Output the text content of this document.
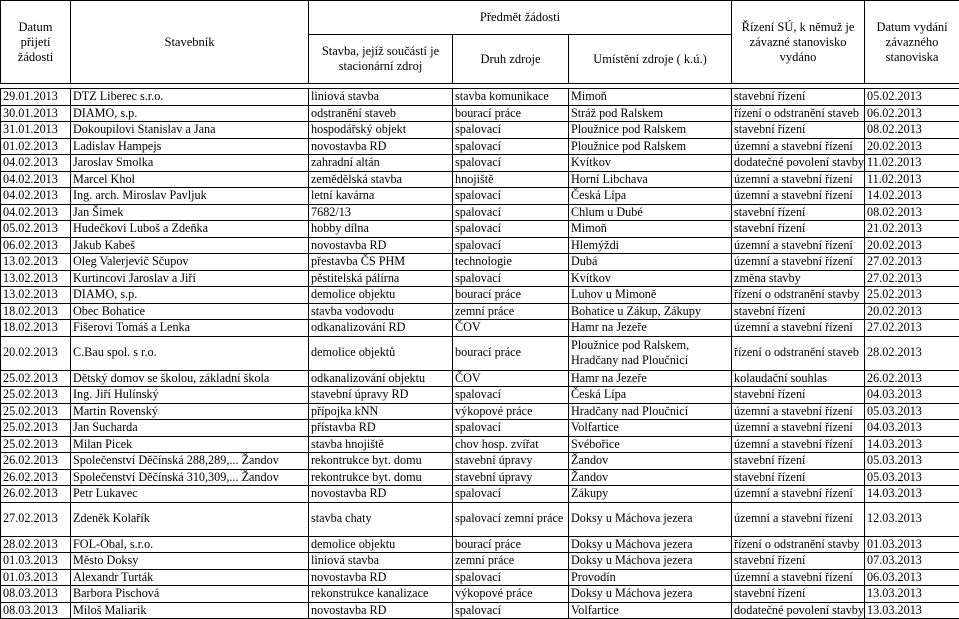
Datum přijetí žádosti	Stavebník	Předmět žádosti			Řízení SÚ, k němuž je závazné stanovisko vydáno	Datum vydání závazného stanoviska
		Stavba, jejíž součástí je stacionární zdroj	Druh zdroje	Umístění zdroje ( k.ú.)		

29.01.2013	DTZ Liberec s.r.o.	liniová stavba	stavba komunikace	Mimoň	stavební řízení	05.02.2013
30.01.2013	DIAMO, s.p.	odstranění staveb	bourací práce	Stráž pod Ralskem	řízení o odstranění staveb	06.02.2013
31.01.2013	Dokoupilovi Stanislav a Jana	hospodářský objekt	spalovací	Ploužnice pod Ralskem	stavební řízení	08.02.2013
01.02.2013	Ladislav Hampejs	novostavba RD	spalovací	Ploužnice pod Ralskem	územní a stavební řízení	20.02.2013
04.02.2013	Jaroslav Smolka	zahradní altán	spalovací	Kvítkov	dodatečné povolení stavby	11.02.2013
04.02.2013	Marcel Khol	zemědělská stavba	hnojiště	Horní Libchava	územní a stavební řízení	11.02.2013
04.02.2013	Ing. arch. Miroslav Pavljuk	letní kavárna	spalovací	Česká Lípa	územní a stavební řízení	14.02.2013
04.02.2013	Jan Šimek	7682/13	spalovací	Chlum u Dubé	stavební řízení	08.02.2013
05.02.2013	Hudečkovi Luboš a Zdeňka	hobby dílna	spalovací	Mimoň	stavební řízení	21.02.2013
06.02.2013	Jakub Kabeš	novostavba RD	spalovací	Hlemýždi	územní a stavební řízení	20.02.2013
13.02.2013	Oleg Valerjevič Sčupov	přestavba ČS PHM	technologie	Dubá	územní a stavební řízení	27.02.2013
13.02.2013	Kurtincovi Jaroslav a Jiří	pěstitelská pálírna	spalovací	Kvítkov	změna stavby	27.02.2013
13.02.2013	DIAMO, s.p.	demolice objektu	bourací práce	Luhov u Mimoně	řízení o odstranění stavby	25.02.2013
18.02.2013	Obec Bohatice	stavba vodovodu	zemní práce	Bohatice u Zákup, Zákupy	stavební řízení	20.02.2013
18.02.2013	Fišerovi Tomáš a Lenka	odkanalizování RD	ČOV	Hamr na Jezeře	územní a stavební řízení	27.02.2013
20.02.2013	C.Bau spol. s r.o.	demolice objektů	bourací práce	Ploužnice pod Ralskem, Hradčany nad Ploučnicí	řízení o odstranění staveb	28.02.2013
25.02.2013	Dětský domov se školou, základní škola	odkanalizování objektu	ČOV	Hamr na Jezeře	kolaudační souhlas	26.02.2013
25.02.2013	Ing. Jiří Hulínský	stavební úpravy RD	spalovací	Česká Lípa	stavební řízení	04.03.2013
25.02.2013	Martin Rovenský	přípojka kNN	výkopové práce	Hradčany nad Ploučnicí	územní a stavební řízení	05.03.2013
25.02.2013	Jan Sucharda	přístavba RD	spalovací	Volfartice	územní a stavební řízení	04.03.2013
25.02.2013	Milan Picek	stavba hnojiště	chov hosp. zvířat	Svébořice	územní a stavební řízení	14.03.2013
26.02.2013	Společenství Děčínská 288,289,... Žandov	rekontrukce byt. domu	stavební úpravy	Žandov	stavební řízení	05.03.2013
26.02.2013	Společenství Děčínská 310,309,... Žandov	rekontrukce byt. domu	stavební úpravy	Žandov	stavební řízení	05.03.2013
26.02.2013	Petr Lukavec	novostavba RD	spalovací	Zákupy	územní a stavební řízení	14.03.2013
27.02.2013	Zdeněk Kolařík	stavba chaty	spalovací zemní práce	Doksy u Máchova jezera	územní a stavební řízení	12.03.2013
28.02.2013	FOL-Obal, s.r.o.	demolice objektu	bourací práce	Doksy u Máchova jezera	řízení o odstranění stavby	01.03.2013
01.03.2013	Město Doksy	liniová stavba	zemní práce	Doksy u Máchova jezera	stavební řízení	07.03.2013
01.03.2013	Alexandr Turták	novostavba RD	spalovací	Provodín	územní a stavební řízení	06.03.2013
08.03.2013	Barbora Pischová	rekonstrukce kanalizace	výkopové práce	Doksy u Máchova jezera	stavební řízení	13.03.2013
08.03.2013	Miloš Maliarik	novostavba RD	spalovací	Volfartice	dodatečné povolení stavby	13.03.2013
